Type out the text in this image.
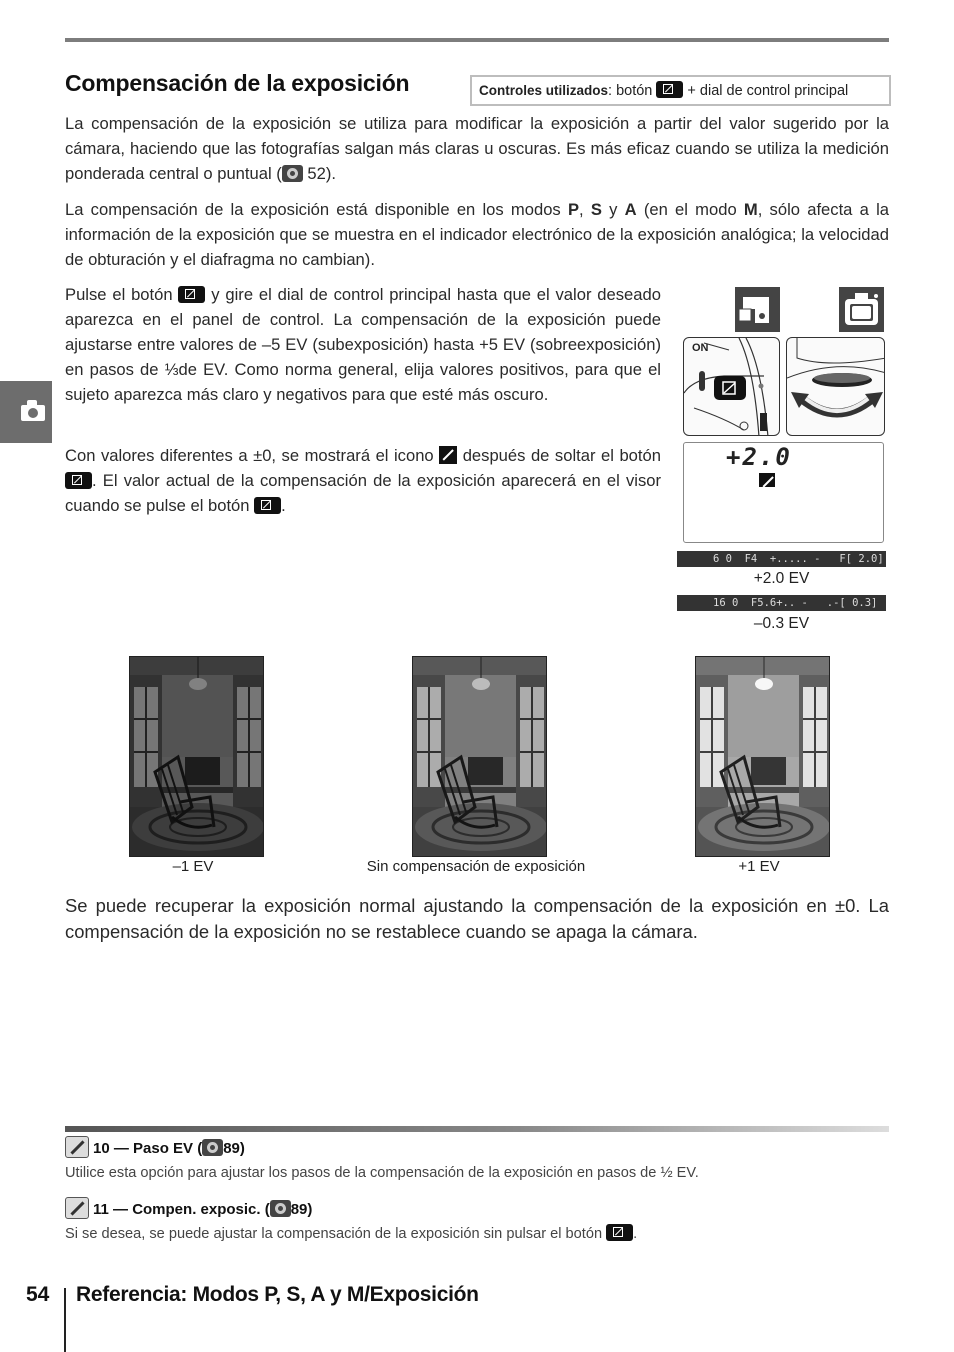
Compensación de la exposición	Controles utilizados: botón + dial de control principal

La compensación de la exposición se utiliza para modificar la exposición a partir del valor sugerido por la cámara, haciendo que las fotografías salgan más claras u oscuras. Es más eficaz cuando se utiliza la medición ponderada central o puntual ( 52).

La compensación de la exposición está disponible en los modos P, S y A (en el modo M, sólo afecta a la información de la exposición que se muestra en el indicador electrónico de la exposición analógica; la velocidad de obturación y el diafragma no cambian).

Pulse el botón y gire el dial de control principal hasta que el valor deseado aparezca en el panel de control. La compensación de la exposición puede ajustarse entre valores de –5 EV (subexposición) hasta +5 EV (sobreexposición) en pasos de ⅓de EV. Como norma general, elija valores positivos, para que el sujeto aparezca más claro y negativos para que esté más oscuro.

Con valores diferentes a ±0, se mostrará el icono después de soltar el botón . El valor actual de la compensación de la exposición aparecerá en el visor cuando se pulse el botón .

ON
+2.0
6 0  F4  +..... -   F[ 2.0]
+2.0 EV
16 0  F5.6+.. -   .-[ 0.3]
–0.3 EV
–1 EV	Sin compensación de exposición	+1 EV

Se puede recuperar la exposición normal ajustando la compensación de la exposición en ±0. La compensación de la exposición no se restablece cuando se apaga la cámara.

10 — Paso EV ( 89)
Utilice esta opción para ajustar los pasos de la compensación de la exposición en pasos de ½ EV.
11 — Compen. exposic. ( 89)
Si se desea, se puede ajustar la compensación de la exposición sin pulsar el botón .
54 Referencia: Modos P, S, A y M/Exposición
